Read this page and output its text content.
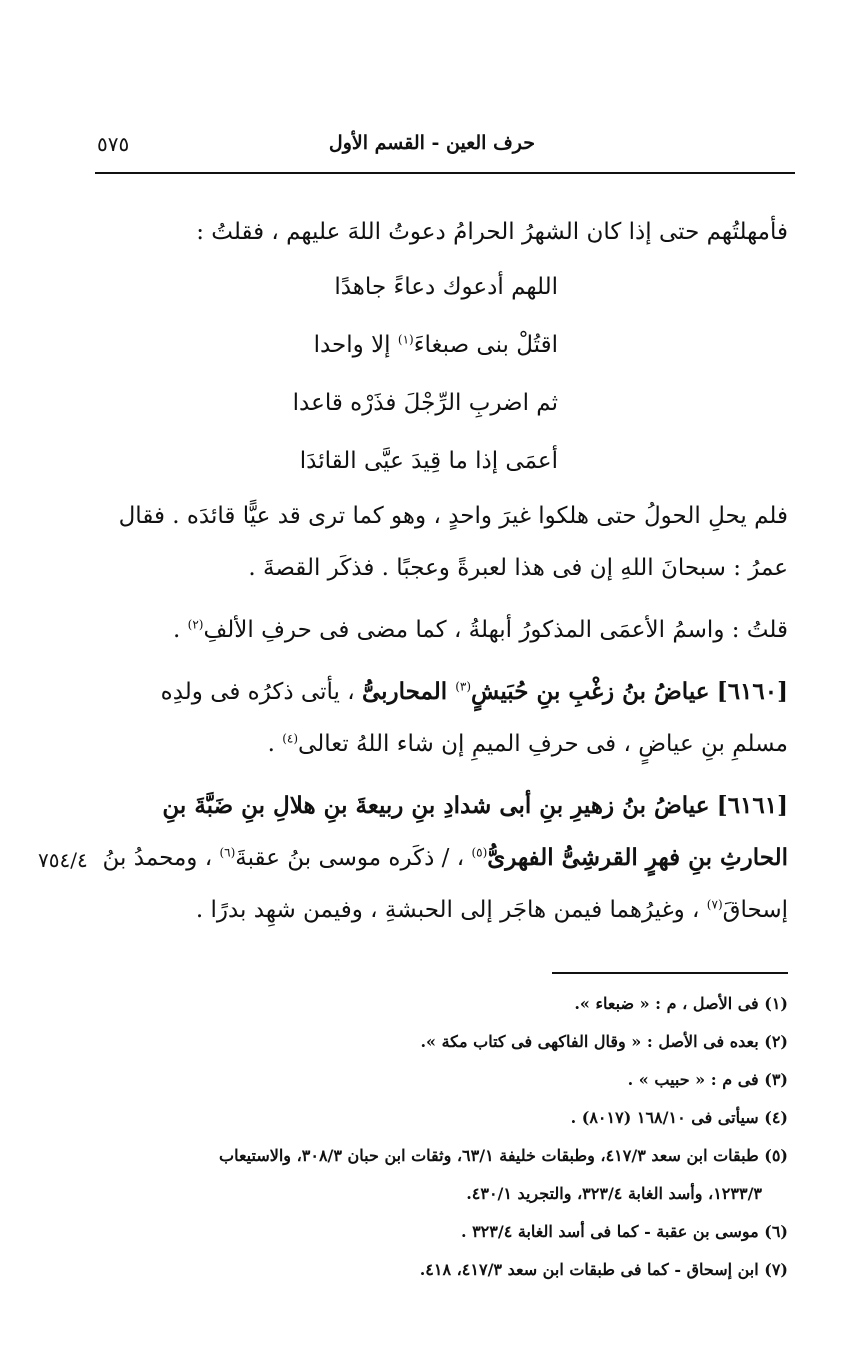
حرف العين - القسم الأول
٥٧٥
فأمهلتُهم حتى إذا كان الشهرُ الحرامُ دعوتُ اللهَ عليهم ، فقلتُ :
اللهم أدعوك دعاءً جاهدًا
اقتُلْ بنى صبغاءَ$^{(١)}$ إلا واحدا
ثم اضربِ الرِّجْلَ فذَرْه قاعدا
أعمَى إذا ما قِيدَ عيَّى القائدَا
فلم يحلِ الحولُ حتى هلكوا غيرَ واحدٍ ، وهو كما ترى قد عيًّا قائدَه . فقال
عمرُ : سبحانَ اللهِ إن فى هذا لعبرةً وعجبًا . فذكَر القصةَ .
قلتُ : واسمُ الأعمَى المذكورُ أبهلةُ ، كما مضى فى حرفِ الألفِ$^{(٢)}$ .
[٦١٦٠] عياضُ بنُ زغْبِ بنِ حُبَيشٍ$^{(٣)}$ المحاربىُّ ، يأتى ذكرُه فى ولدِه
مسلمِ بنِ عياضٍ ، فى حرفِ الميمِ إن شاء اللهُ تعالى$^{(٤)}$ .
[٦١٦١] عياضُ بنُ زهيرِ بنِ أبى شدادِ بنِ ربيعةَ بنِ هلالِ بنِ ضَبَّةَ بنِ
الحارثِ بنِ فهرٍ القرشِىُّ الفهرىُّ$^{(٥)}$ ، / ذكَره موسى بنُ عقبةَ$^{(٦)}$ ، ومحمدُ بنُ
إسحاقَ$^{(٧)}$ ، وغيرُهما فيمن هاجَر إلى الحبشةِ ، وفيمن شهِد بدرًا .
٧٥٤/٤
(١) فى الأصل ، م : « ضبعاء ».
(٢) بعده فى الأصل : « وقال الفاكهى فى كتاب مكة ».
(٣) فى م : « حبيب » .
(٤) سيأتى فى ١٦٨/١٠ (٨٠١٧) .
(٥) طبقات ابن سعد ٤١٧/٣، وطبقات خليفة ٦٣/١، وثقات ابن حبان ٣٠٨/٣، والاستيعاب
١٢٣٣/٣، وأسد الغابة ٣٢٣/٤، والتجريد ٤٣٠/١.
(٦) موسى بن عقبة - كما فى أسد الغابة ٣٢٣/٤ .
(٧) ابن إسحاق - كما فى طبقات ابن سعد ٤١٧/٣، ٤١٨.
